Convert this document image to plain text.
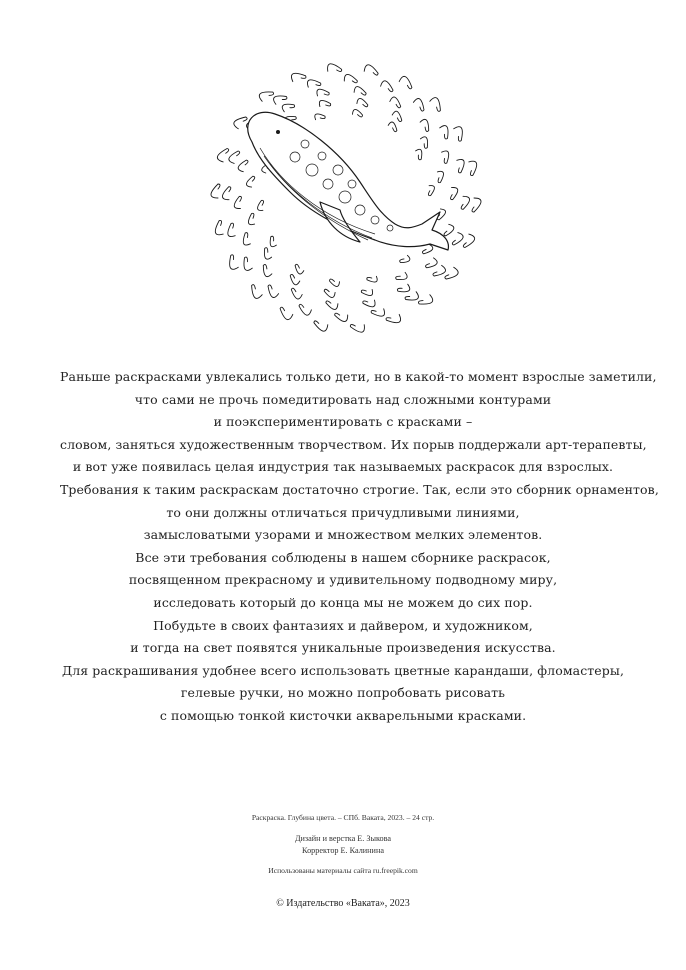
Раньше раскрасками увлекались только дети, но в какой-то момент взрослые заметили,

что сами не прочь помедитировать над сложными контурами

и поэкспериментировать с красками –

словом, заняться художественным творчеством. Их порыв поддержали арт-терапевты,

и вот уже появилась целая индустрия так называемых раскрасок для взрослых.

Требования к таким раскраскам достаточно строгие. Так, если это сборник орнаментов,

то они должны отличаться причудливыми линиями,

замысловатыми узорами и множеством мелких элементов.

Все эти требования соблюдены в нашем сборнике раскрасок,

посвященном прекрасному и удивительному подводному миру,

исследовать который до конца мы не можем до сих пор.

Побудьте в своих фантазиях и дайвером, и художником,

и тогда на свет появятся уникальные произведения искусства.

Для раскрашивания удобнее всего использовать цветные карандаши, фломастеры,

гелевые ручки, но можно попробовать рисовать

с помощью тонкой кисточки акварельными красками.

Раскраска. Глубина цвета. – СПб. Ваката, 2023. – 24 стр.
Дизайн и верстка Е. Зыкова
Корректор Е. Калинина
Использованы материалы сайта ru.freepik.com
© Издательство «Ваката», 2023
